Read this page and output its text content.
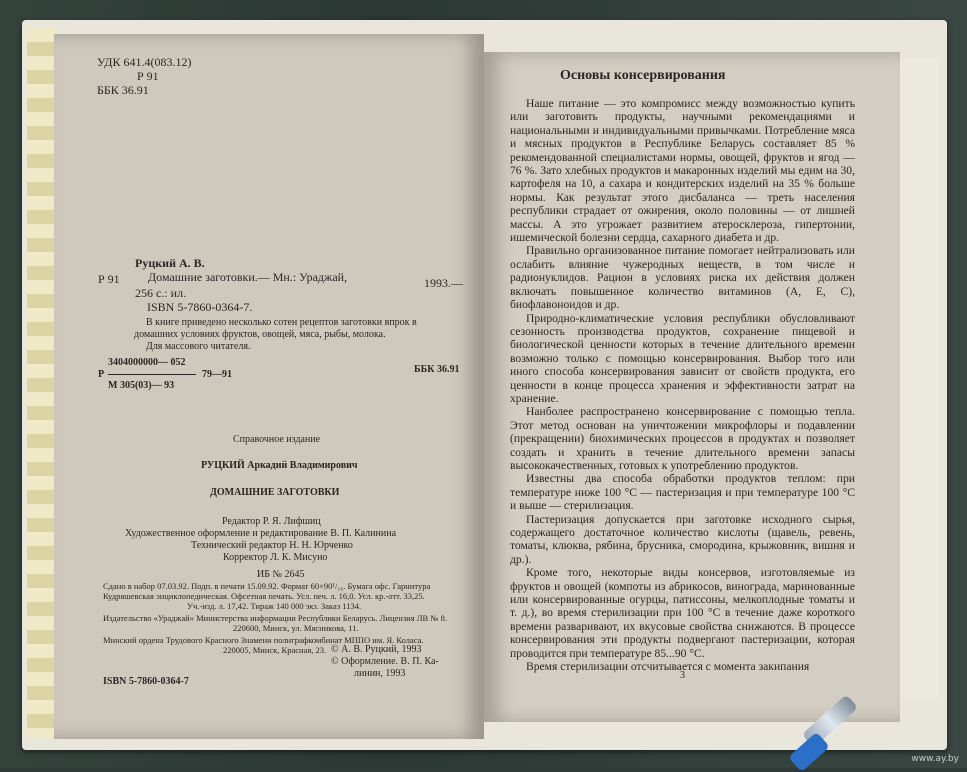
УДК 641.4(083.12)
Р 91
ББК 36.91
Руцкий А. В.
Р 91 Домашние заготовки.— Мн.: Ураджай,	1993.—
256 с.: ил.
ISBN 5-7860-0364-7.
В книге приведено несколько сотен рецептов заготовки впрок в
домашних условиях фруктов, овощей, мяса, рыбы, молока.
Для массового читателя.
3404000000— 052
Р	79—91
М 305(03)— 93
ББК 36.91
Справочное издание
РУЦКИЙ Аркадий Владимирович
ДОМАШНИЕ ЗАГОТОВКИ
Редактор Р. Я. Лифшиц
Художественное оформление и редактирование В. П. Калинина
Технический редактор Н. Н. Юрченко
Корректор Л. К. Мисуно
ИБ № 2645
Сдано в набор 07.03.92. Подп. в печати 15.09.92. Формат 60×90¹/₁₆. Бумага офс. Гарнитура
Кудряшевская энциклопедическая. Офсетная печать. Усл. печ. л. 16,0. Усл. кр.-отт. 33,25.
Уч.-изд. л. 17,42. Тираж 140 000 экз. Заказ 1134.
Издательство «Ураджай» Министерства информации Республики Беларусь. Лицензия ЛВ № 8.
220600, Минск, ул. Мясникова, 11.
Минский ордена Трудового Красного Знамени полиграфкомбинат МППО им. Я. Коласа.
220005, Минск, Красная, 23. © А. В. Руцкий, 1993
© Оформление. В. П. Ка-
линин, 1993
ISBN 5-7860-0364-7
Основы консервирования

Наше питание — это компромисс между возможностью купить или заготовить продукты, научными рекомендациями и национальными и индивидуальными привычками. Потребление мяса и мясных продуктов в Республике Беларусь составляет 85 % рекомендованной специалистами нормы, овощей, фруктов и ягод — 76 %. Зато хлебных продуктов и макаронных изделий мы едим на 30, картофеля на 10, а сахара и кондитерских изделий на 35 % больше нормы. Как результат этого дисбаланса — треть населения республики страдает от ожирения, около половины — от лишней массы. А это угрожает развитием атеросклероза, гипертонии, ишемической болезни сердца, сахарного диабета и др.

Правильно организованное питание помогает нейтрализовать или ослабить влияние чужеродных веществ, в том числе и радионуклидов. Рацион в условиях риска их действия должен включать повышенное количество витаминов (А, Е, С), биофлавоноидов и др.

Природно-климатические условия республики обусловливают сезонность производства продуктов, сохранение пищевой и биологической ценности которых в течение длительного времени возможно только с помощью консервирования. Выбор того или иного способа консервирования зависит от свойств продукта, его ценности в конце процесса хранения и эффективности затрат на хранение.

Наиболее распространено консервирование с помощью тепла. Этот метод основан на уничтожении микрофлоры и подавлении (прекращении) биохимических процессов в продуктах и позволяет создать и хранить в течение длительного времени запасы высококачественных, готовых к употреблению продуктов.

Известны два способа обработки продуктов теплом: при температуре ниже 100 °С — пастеризация и при температуре 100 °С и выше — стерилизация.

Пастеризация допускается при заготовке исходного сырья, содержащего достаточное количество кислоты (щавель, ревень, томаты, клюква, рябина, брусника, смородина, крыжовник, вишня и др.).

Кроме того, некоторые виды консервов, изготовляемые из фруктов и овощей (компоты из абрикосов, винограда, маринованные или консервированные огурцы, патиссоны, мелкоплодные томаты и т. д.), во время стерилизации при 100 °С в течение даже короткого времени разваривают, их вкусовые свойства снижаются. В процессе консервирования эти продукты подвергают пастеризации, которая проводится при температуре 85...90 °С.

Время стерилизации отсчитывается с момента закипания

3
www.ay.by
